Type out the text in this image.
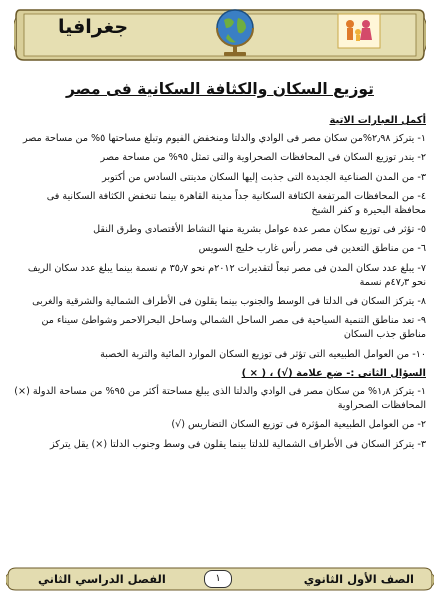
جغرافيا
توزيع السكان والكثافة السكانية فى مصر
أكمل العبارات الاتية
١- يتركز ٢٫٩٨%من سكان مصر فى الوادي والدلتا ومنخفض الفيوم وتبلغ مساحتها ٥% من مساحة مصر
٢- يندر توزيع السكان فى المحافظات الصحراوية والتى تمثل ٩٥% من مساحة مصر
٣- من المدن الصناعية الجديدة التى جذبت إليها السكان مدينتى السادس من أكتوبر
٤- من المحافظات المرتفعة الكثافة السكانية جداً مدينة القاهرة بينما تنخفض الكثافة السكانية فى محافظة البحيرة و كفر الشيخ
٥- تؤثر فى توزيع سكان مصر عدة عوامل بشرية منها النشاط الأقتصادى وطرق النقل
٦- من مناطق التعدين فى مصر رأس غارب خليج السويس
٧- يبلغ عدد سكان المدن فى مصر تبعاً لتقديرات ٢٠١٢م نحو ٣٥٫٧ م نسمة بينما يبلغ عدد سكان الريف نحو ٤٧٫٣م نسمة
٨- يتركز السكان فى الدلتا فى الوسط والجنوب بينما يقلون فى الأطراف الشمالية والشرقية والغربى
٩- تعد مناطق التنمية السياحية فى مصر الساحل الشمالي وساحل البحرالاحمر وشواطئ سيناء من مناطق جذب السكان
١٠- من العوامل الطبيعيه التى تؤثر فى توزيع السكان الموارد المائية والتربة الخصبة
السؤال الثانى :- ضع علامة (√) ، ( × )
١- يتركز ١٫٨% من سكان مصر فى الوادي والدلتا الذى يبلغ مساحتة أكثر من ٩٥% من مساحة الدولة (×) المحافظات الصحراوية
٢- من العوامل الطبيعية المؤثرة فى توزيع السكان التضاريس (√)
٣- يتركز السكان فى الأطراف الشمالية للدلتا بينما يقلون فى وسط وجنوب الدلتا (×) يقل يتركز
الفصل الدراسي الثاني	١	الصف الأول الثانوي
